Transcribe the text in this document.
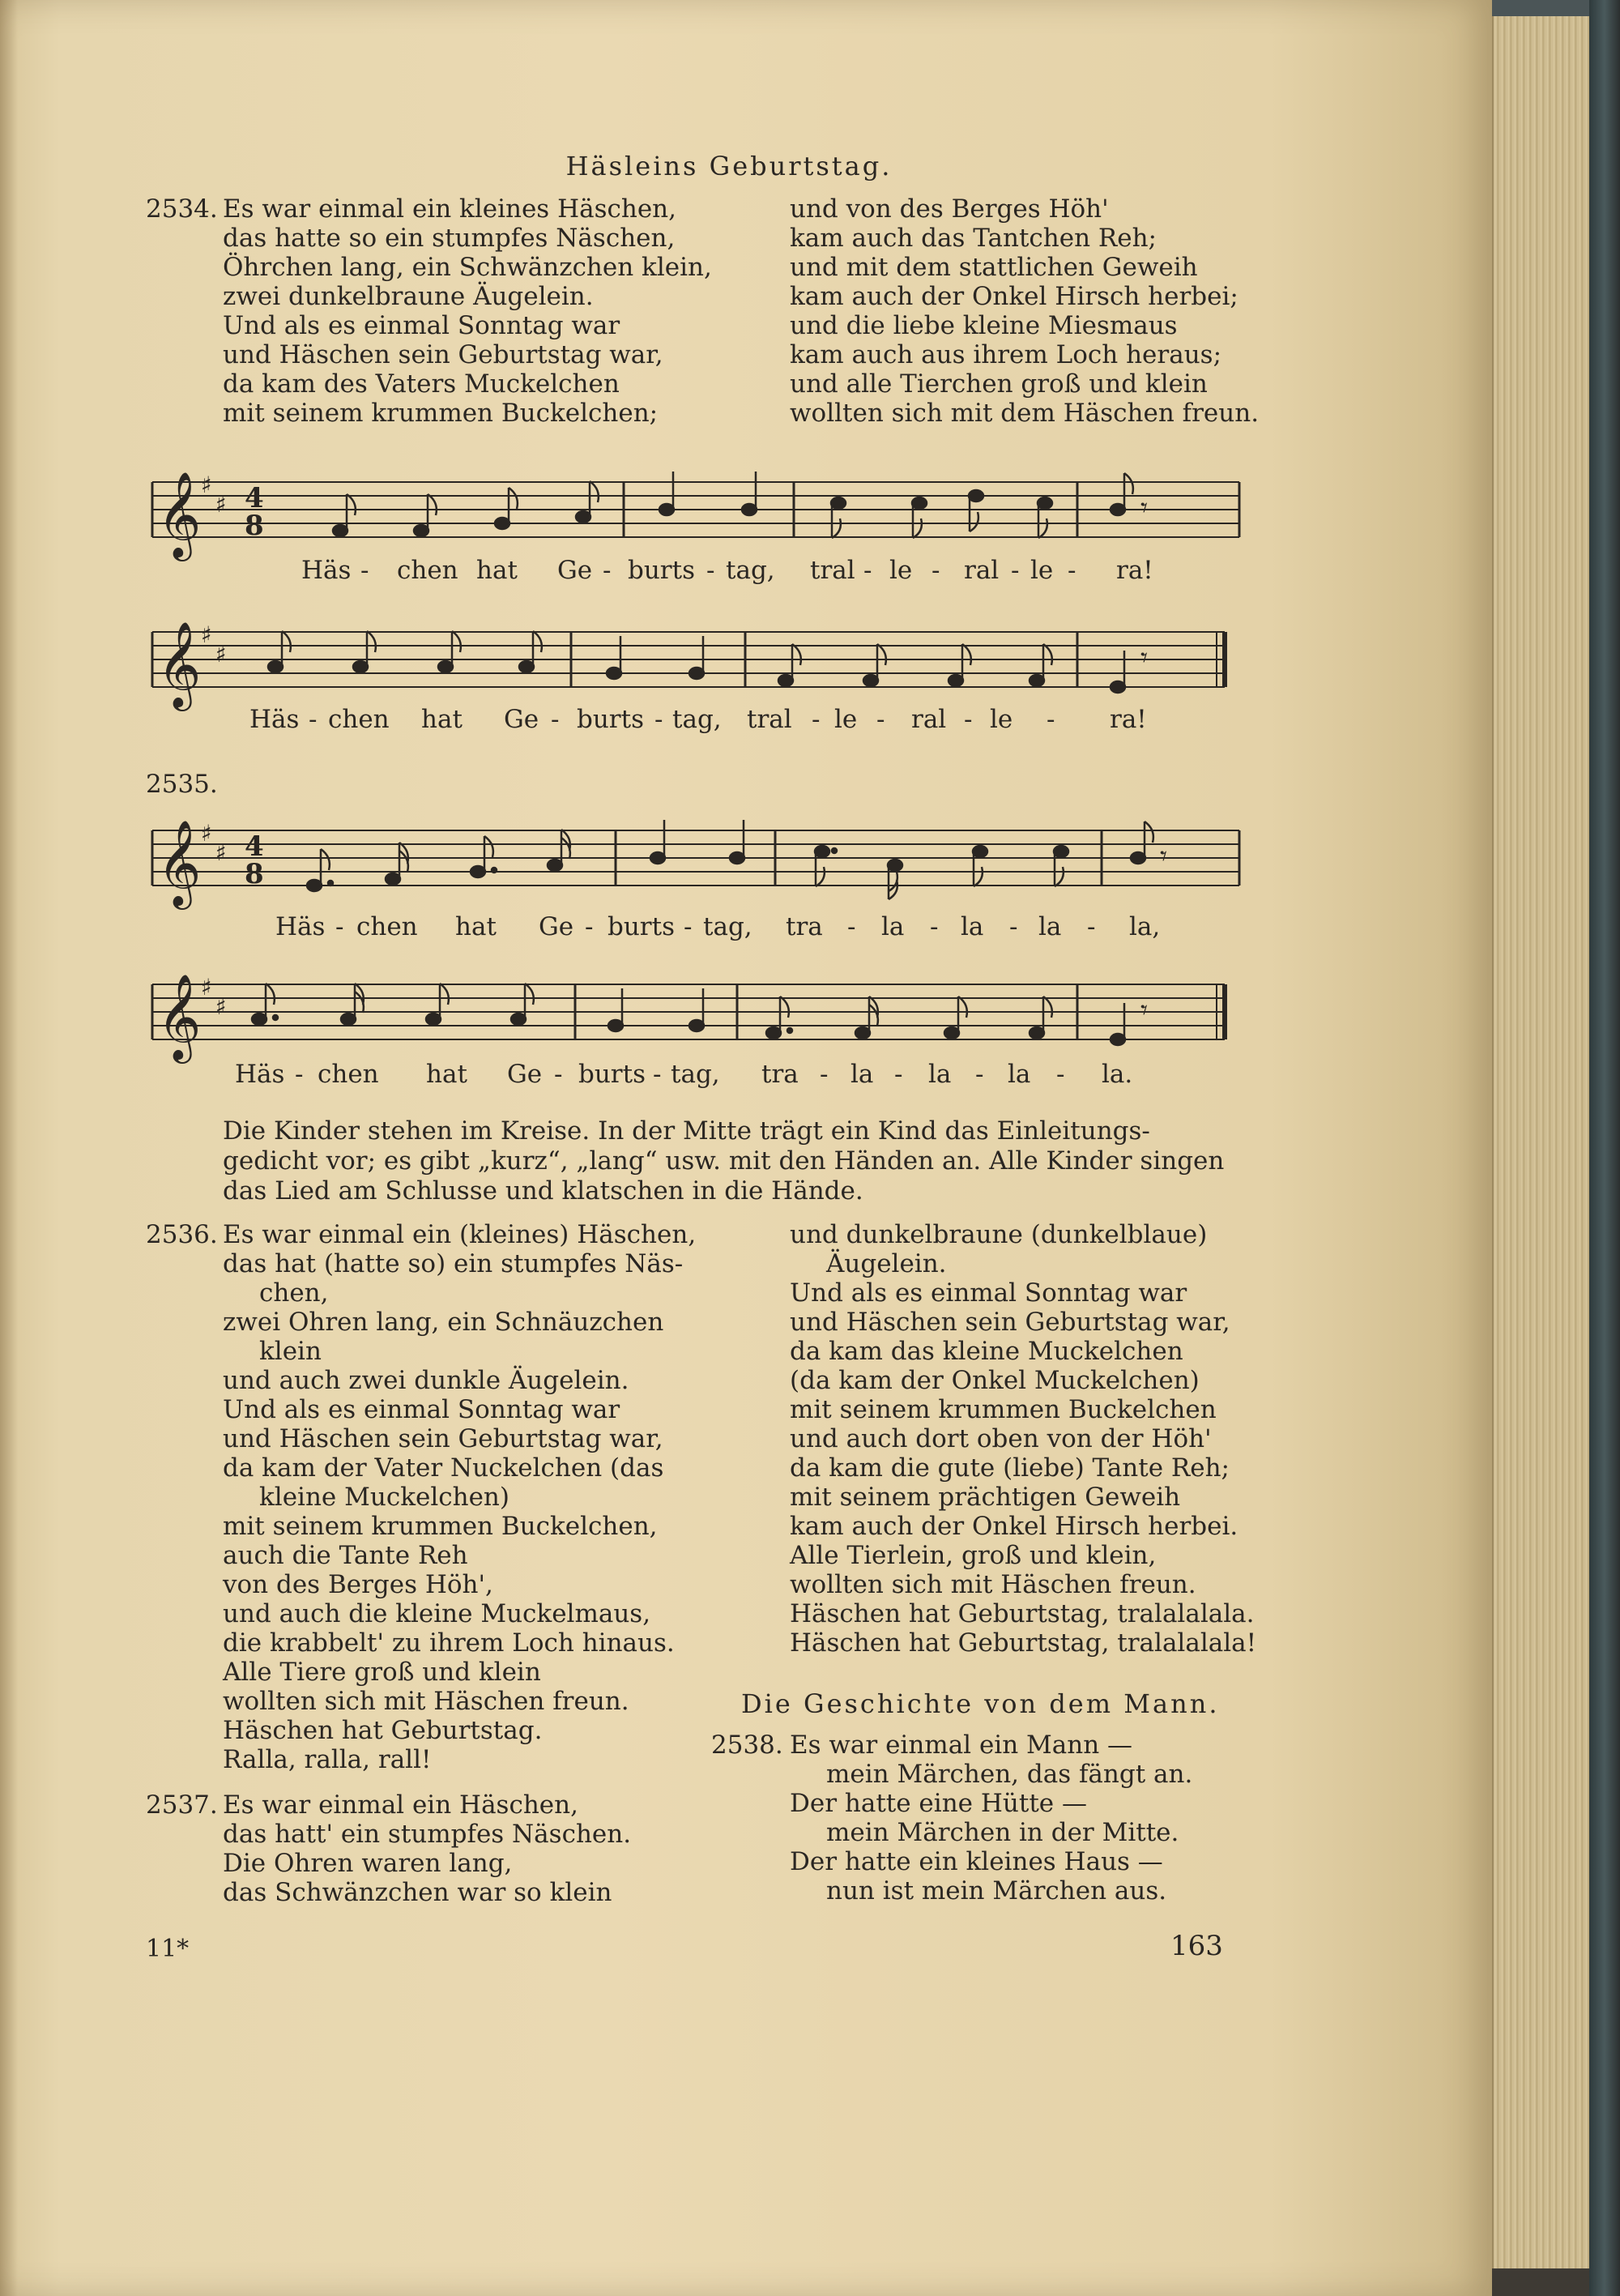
Häsleins Geburtstag.
2534. Es war einmal ein kleines Häschen,
das hatte so ein stumpfes Näschen,
Öhrchen lang, ein Schwänzchen klein,
zwei dunkelbraune Äugelein.
Und als es einmal Sonntag war
und Häschen sein Geburtstag war,
da kam des Vaters Muckelchen
mit seinem krummen Buckelchen;
und von des Berges Höh'
kam auch das Tantchen Reh;
und mit dem stattlichen Geweih
kam auch der Onkel Hirsch herbei;
und die liebe kleine Miesmaus
kam auch aus ihrem Loch heraus;
und alle Tierchen groß und klein
wollten sich mit dem Häschen freun.
𝄞 ♯
♯ 4
8
𝄾
Häs - chen hat Ge - burts - tag, tral - le - ral - le - ra!
𝄞 ♯
♯	𝄾
Häs - chen hat Ge - burts - tag, tral - le - ral - le - ra!
2535.
𝄞 ♯
♯ 4
8
𝄾
Häs - chen hat Ge - burts - tag, tra - la - la - la - la,
𝄞 ♯
♯	𝄾
Häs - chen hat Ge - burts - tag, tra - la - la - la - la.
Die Kinder stehen im Kreise. In der Mitte trägt ein Kind das Einleitungs-
gedicht vor; es gibt „kurz“, „lang“ usw. mit den Händen an. Alle Kinder singen
das Lied am Schlusse und klatschen in die Hände.
2536. Es war einmal ein (kleines) Häschen,
das hat (hatte so) ein stumpfes Näs-
chen,
zwei Ohren lang, ein Schnäuzchen
klein
und auch zwei dunkle Äugelein.
Und als es einmal Sonntag war
und Häschen sein Geburtstag war,
da kam der Vater Nuckelchen (das
kleine Muckelchen)
mit seinem krummen Buckelchen,
auch die Tante Reh
von des Berges Höh',
und auch die kleine Muckelmaus,
die krabbelt' zu ihrem Loch hinaus.
Alle Tiere groß und klein
wollten sich mit Häschen freun.
Häschen hat Geburtstag.
Ralla, ralla, rall!
und dunkelbraune (dunkelblaue)
Äugelein.
Und als es einmal Sonntag war
und Häschen sein Geburtstag war,
da kam das kleine Muckelchen
(da kam der Onkel Muckelchen)
mit seinem krummen Buckelchen
und auch dort oben von der Höh'
da kam die gute (liebe) Tante Reh;
mit seinem prächtigen Geweih
kam auch der Onkel Hirsch herbei.
Alle Tierlein, groß und klein,
wollten sich mit Häschen freun.
Häschen hat Geburtstag, tralalalala.
Häschen hat Geburtstag, tralalalala!
Die Geschichte von dem Mann.
2538. Es war einmal ein Mann —
mein Märchen, das fängt an.
Der hatte eine Hütte —
mein Märchen in der Mitte.
Der hatte ein kleines Haus —
nun ist mein Märchen aus.
2537. Es war einmal ein Häschen,
das hatt' ein stumpfes Näschen.
Die Ohren waren lang,
das Schwänzchen war so klein
11*	163
